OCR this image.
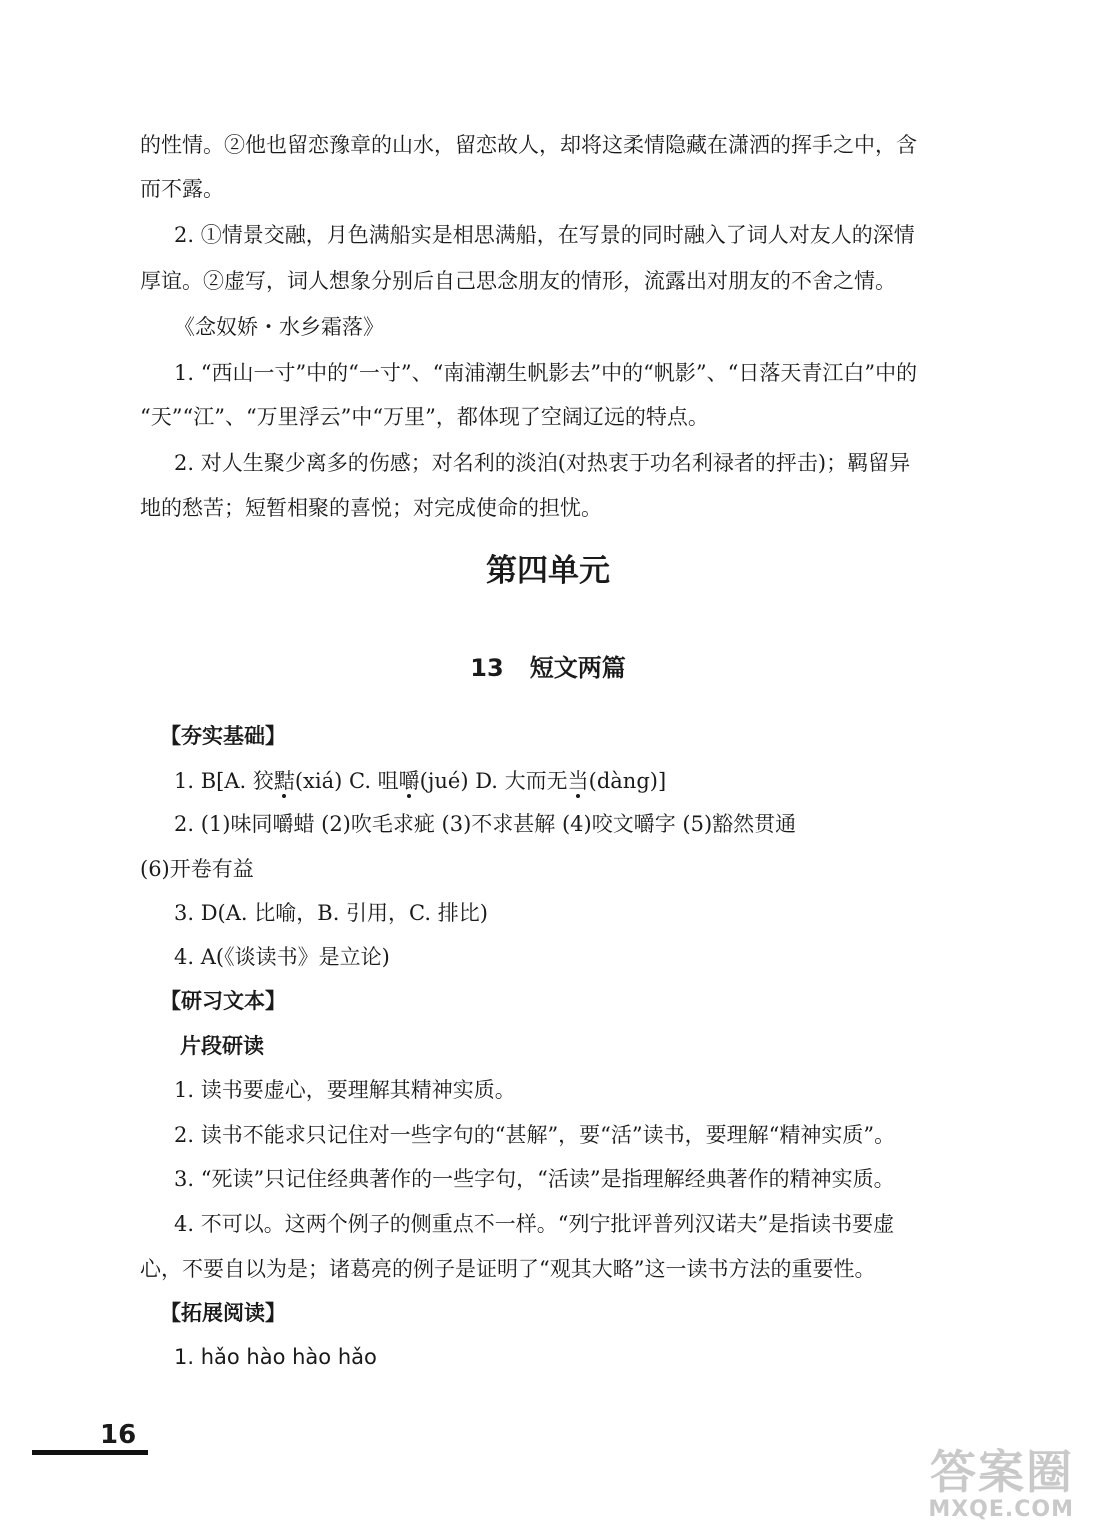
的性情。②他也留恋豫章的山水，留恋故人，却将这柔情隐藏在潇洒的挥手之中，含

而不露。

2. ①情景交融，月色满船实是相思满船，在写景的同时融入了词人对友人的深情

厚谊。②虚写，词人想象分别后自己思念朋友的情形，流露出对朋友的不舍之情。

《念奴娇・水乡霜落》

1. “西山一寸”中的“一寸”、“南浦潮生帆影去”中的“帆影”、“日落天青江白”中的

“天”“江”、“万里浮云”中“万里”，都体现了空阔辽远的特点。

2. 对人生聚少离多的伤感；对名利的淡泊(对热衷于功名利禄者的抨击)；羁留异

地的愁苦；短暂相聚的喜悦；对完成使命的担忧。

第四单元
13 短文两篇

【夯实基础】

1. B[A. 狡黠(xiá) C. 咀嚼(jué) D. 大而无当(dàng)]

2. (1)味同嚼蜡 (2)吹毛求疵 (3)不求甚解 (4)咬文嚼字 (5)豁然贯通

(6)开卷有益

3. D(A. 比喻，B. 引用，C. 排比)

4. A(《谈读书》是立论)

【研习文本】

片段研读

1. 读书要虚心，要理解其精神实质。

2. 读书不能求只记住对一些字句的“甚解”，要“活”读书，要理解“精神实质”。

3. “死读”只记住经典著作的一些字句，“活读”是指理解经典著作的精神实质。

4. 不可以。这两个例子的侧重点不一样。“列宁批评普列汉诺夫”是指读书要虚

心，不要自以为是；诸葛亮的例子是证明了“观其大略”这一读书方法的重要性。

【拓展阅读】

1. hǎo hào hào hǎo

16
答案圈
MXQE.COM
